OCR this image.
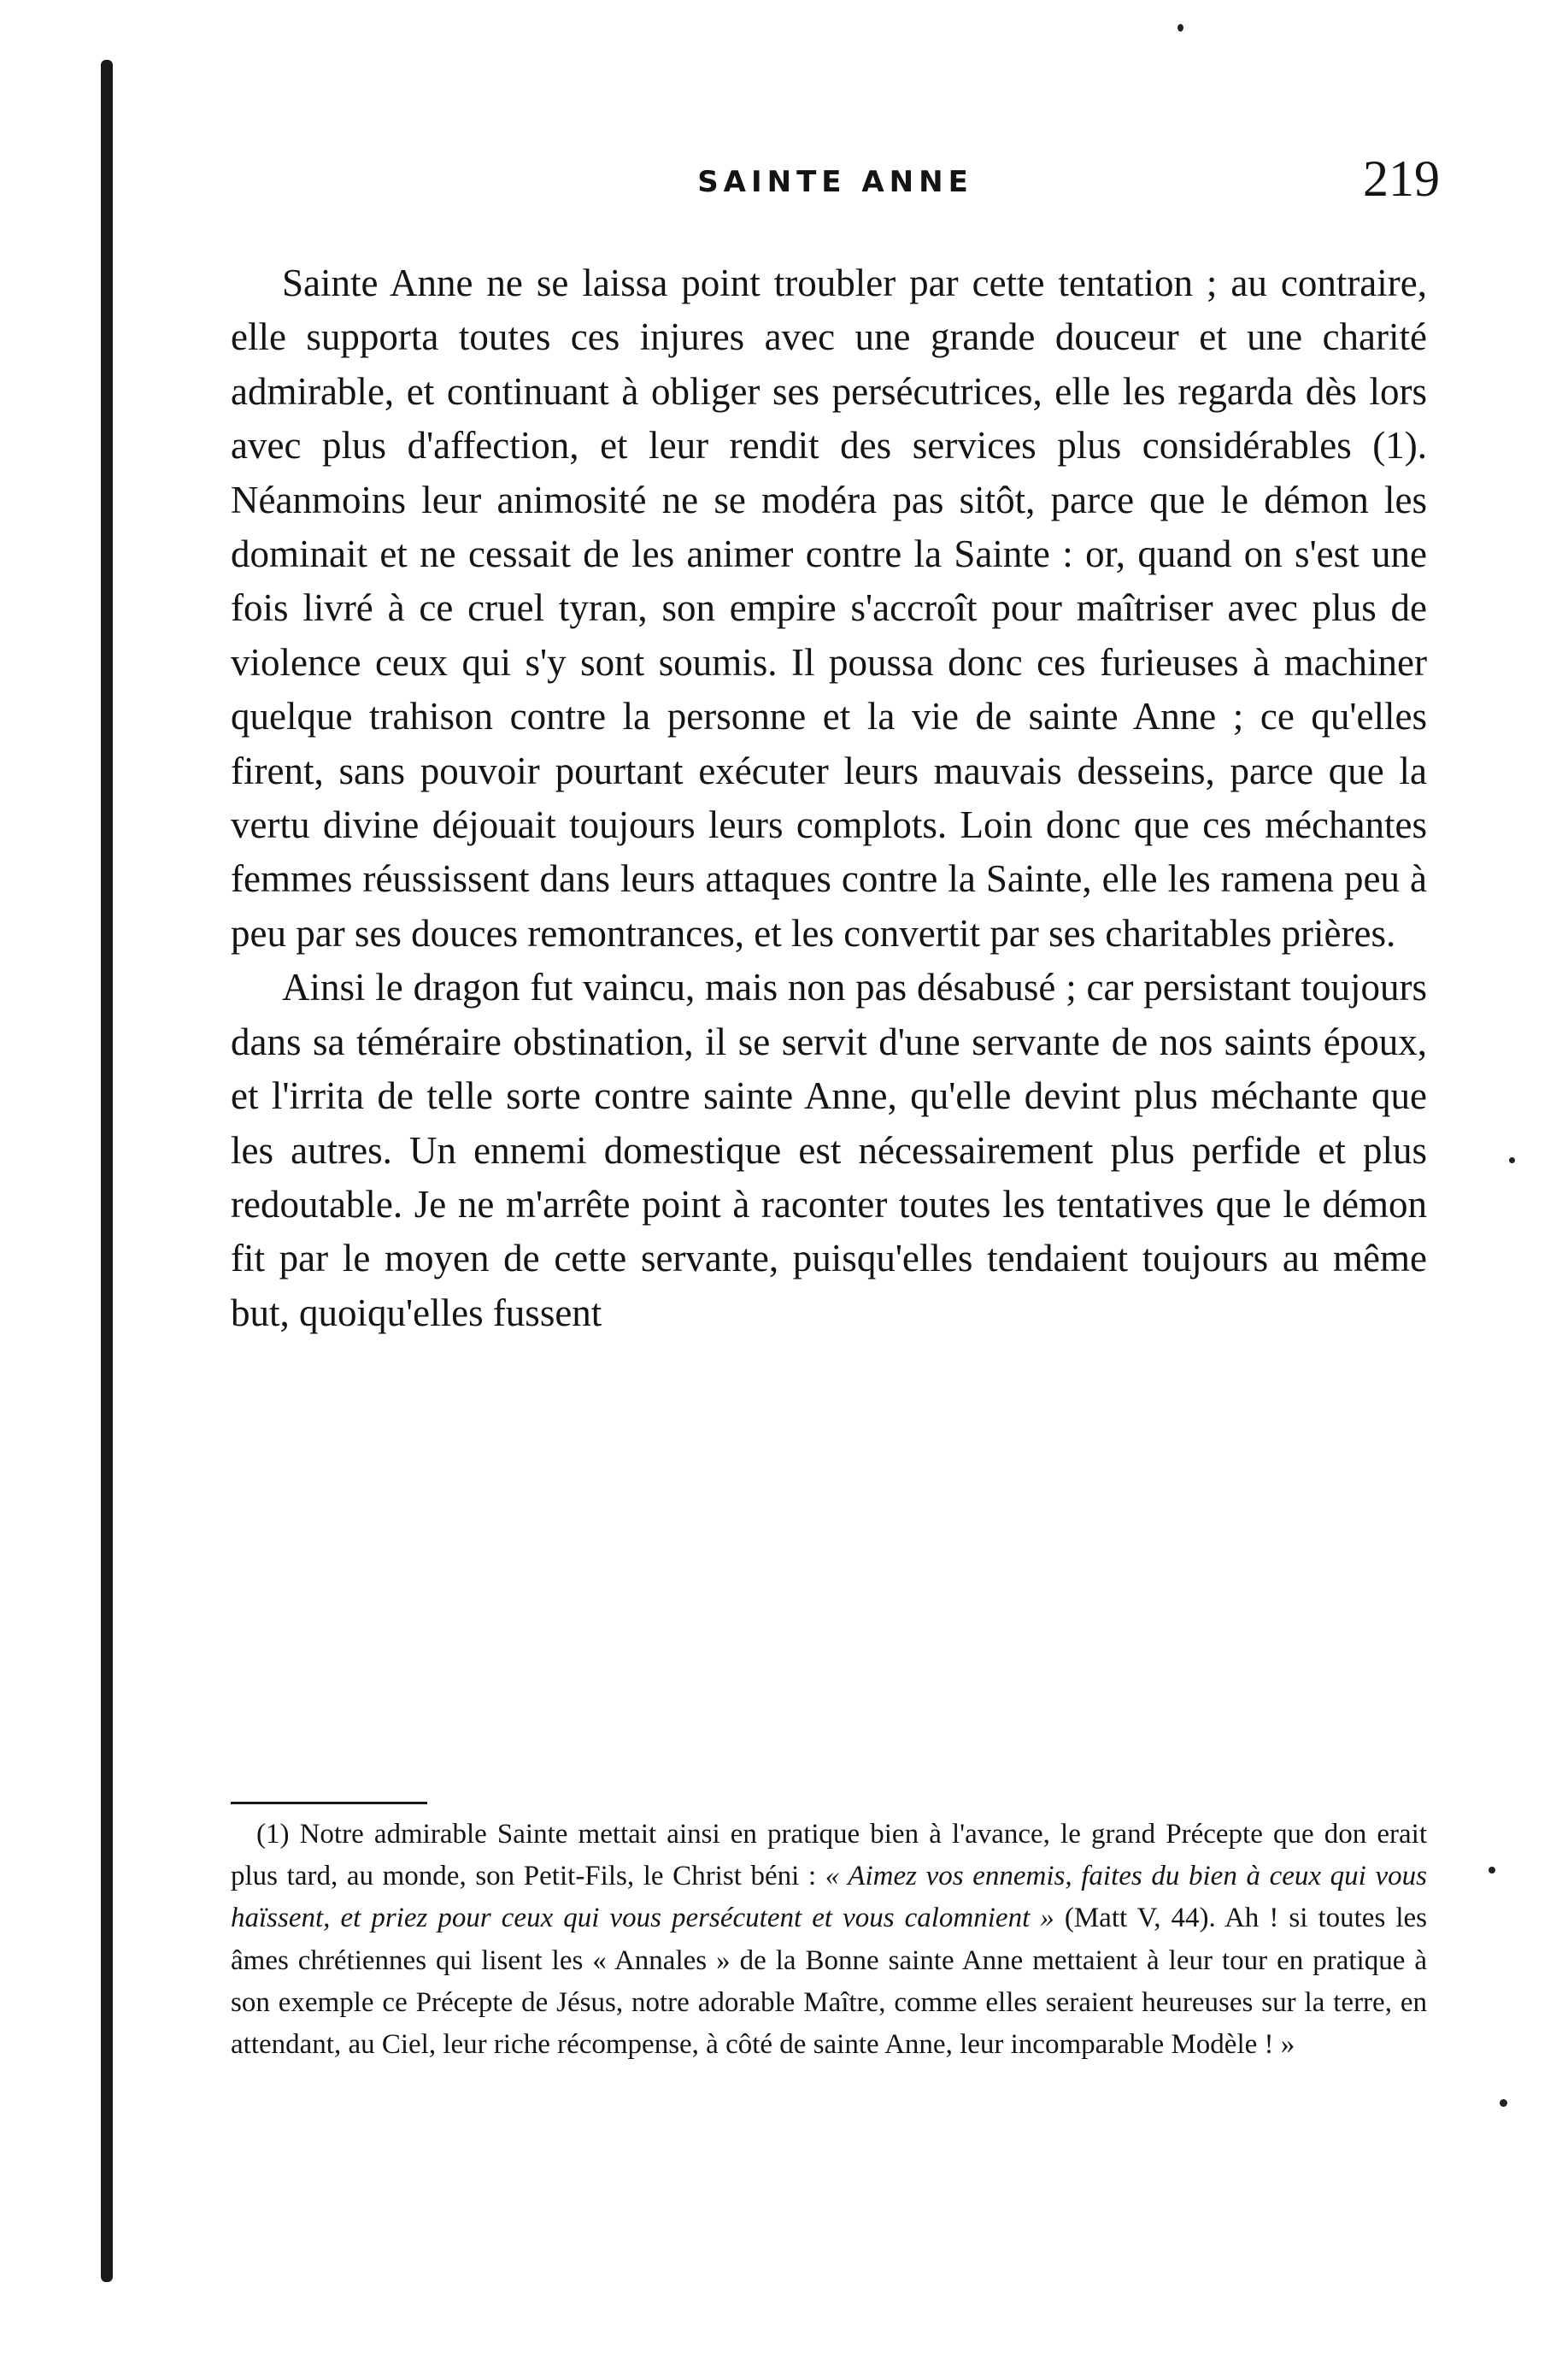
SAINTE ANNE	219

Sainte Anne ne se laissa point troubler par cette tentation ; au contraire, elle supporta toutes ces injures avec une grande douceur et une charité admirable, et continuant à obliger ses persécutrices, elle les regarda dès lors avec plus d'affection, et leur rendit des services plus considérables (1). Néanmoins leur animosité ne se modéra pas sitôt, parce que le démon les dominait et ne cessait de les animer contre la Sainte : or, quand on s'est une fois livré à ce cruel tyran, son empire s'accroît pour maîtriser avec plus de violence ceux qui s'y sont soumis. Il poussa donc ces furieuses à machiner quelque trahison contre la personne et la vie de sainte Anne ; ce qu'elles firent, sans pouvoir pourtant exécuter leurs mauvais desseins, parce que la vertu divine déjouait toujours leurs complots. Loin donc que ces méchantes femmes réussissent dans leurs attaques contre la Sainte, elle les ramena peu à peu par ses douces remontrances, et les convertit par ses charitables prières.

Ainsi le dragon fut vaincu, mais non pas désabusé ; car persistant toujours dans sa téméraire obstination, il se servit d'une servante de nos saints époux, et l'irrita de telle sorte contre sainte Anne, qu'elle devint plus méchante que les autres. Un ennemi domestique est nécessairement plus perfide et plus redoutable. Je ne m'arrête point à raconter toutes les tentatives que le démon fit par le moyen de cette servante, puisqu'elles tendaient toujours au même but, quoiqu'elles fussent

(1) Notre admirable Sainte mettait ainsi en pratique bien à l'avance, le grand Précepte que don erait plus tard, au monde, son Petit-Fils, le Christ béni : « Aimez vos ennemis, faites du bien à ceux qui vous haïssent, et priez pour ceux qui vous persécutent et vous calomnient » (Matt V, 44). Ah ! si toutes les âmes chrétiennes qui lisent les « Annales » de la Bonne sainte Anne mettaient à leur tour en pratique à son exemple ce Précepte de Jésus, notre adorable Maître, comme elles seraient heureuses sur la terre, en attendant, au Ciel, leur riche récompense, à côté de sainte Anne, leur incomparable Modèle ! »
